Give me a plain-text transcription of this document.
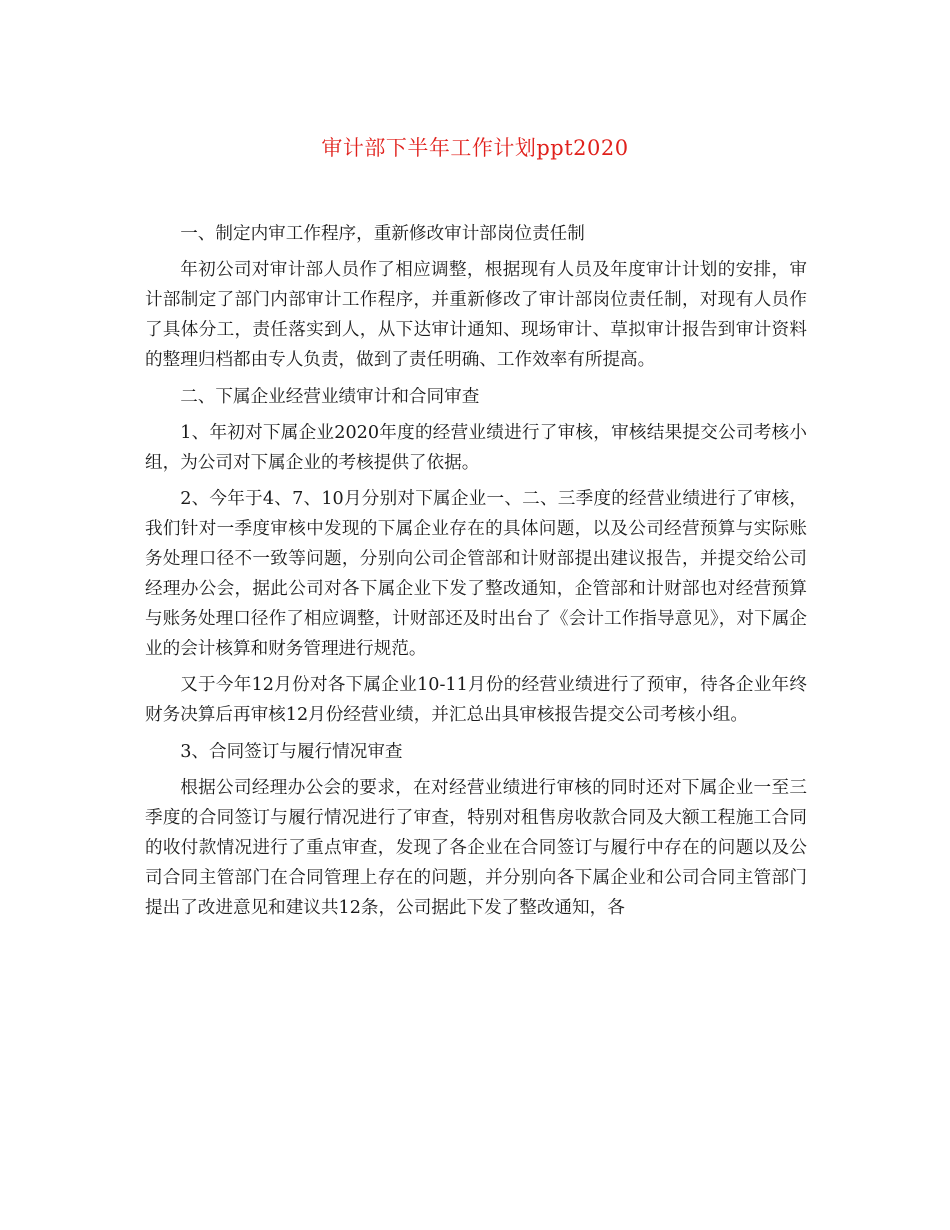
审计部下半年工作计划ppt2020

一、制定内审工作程序，重新修改审计部岗位责任制

年初公司对审计部人员作了相应调整，根据现有人员及年度审计计划的安排，审计部制定了部门内部审计工作程序，并重新修改了审计部岗位责任制，对现有人员作了具体分工，责任落实到人，从下达审计通知、现场审计、草拟审计报告到审计资料的整理归档都由专人负责，做到了责任明确、工作效率有所提高。

二、下属企业经营业绩审计和合同审查

1、年初对下属企业2020年度的经营业绩进行了审核，审核结果提交公司考核小组，为公司对下属企业的考核提供了依据。

2、今年于4、7、10月分别对下属企业一、二、三季度的经营业绩进行了审核，我们针对一季度审核中发现的下属企业存在的具体问题，以及公司经营预算与实际账务处理口径不一致等问题，分别向公司企管部和计财部提出建议报告，并提交给公司经理办公会，据此公司对各下属企业下发了整改通知，企管部和计财部也对经营预算与账务处理口径作了相应调整，计财部还及时出台了《会计工作指导意见》，对下属企业的会计核算和财务管理进行规范。

又于今年12月份对各下属企业10-11月份的经营业绩进行了预审，待各企业年终财务决算后再审核12月份经营业绩，并汇总出具审核报告提交公司考核小组。

3、合同签订与履行情况审查

根据公司经理办公会的要求，在对经营业绩进行审核的同时还对下属企业一至三季度的合同签订与履行情况进行了审查，特别对租售房收款合同及大额工程施工合同的收付款情况进行了重点审查，发现了各企业在合同签订与履行中存在的问题以及公司合同主管部门在合同管理上存在的问题，并分别向各下属企业和公司合同主管部门提出了改进意见和建议共12条，公司据此下发了整改通知，各
